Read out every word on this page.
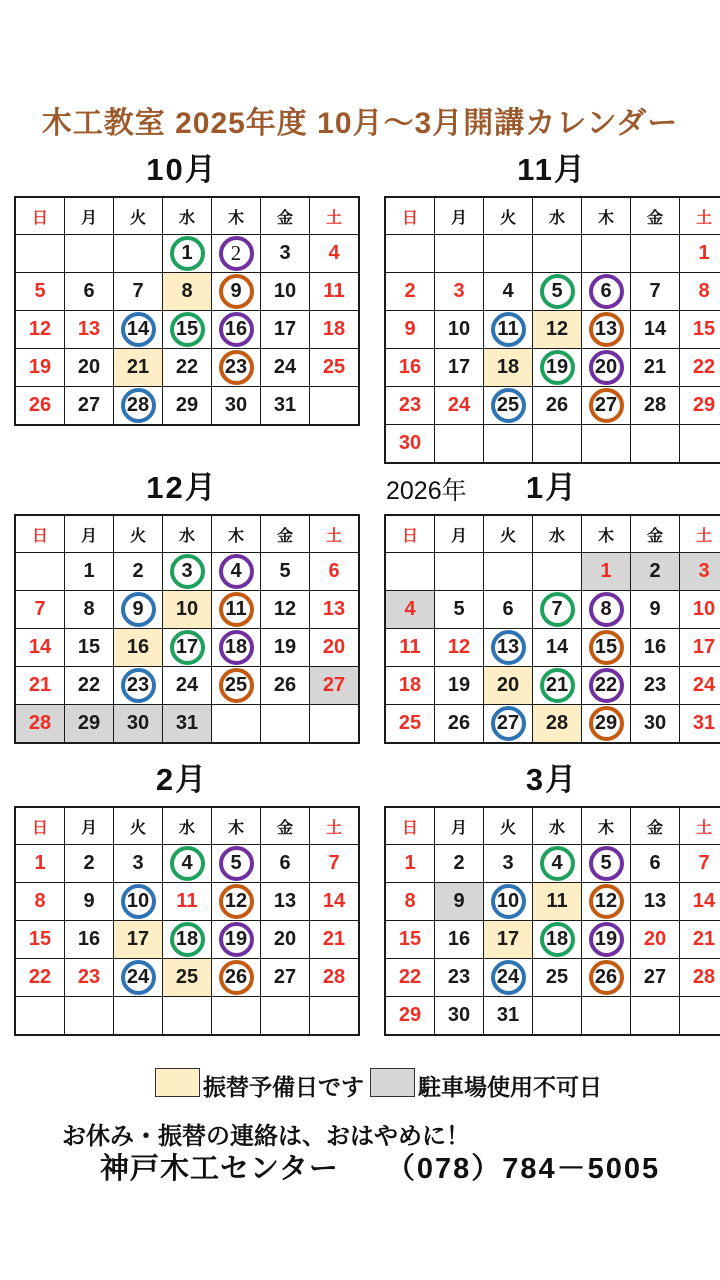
木工教室 2025年度 10月～3月開講カレンダー
10月
日	月	火	水	木	金	土

			1	2	3	4
5	6	7	8	9	10	11
12	13	14	15	16	17	18
19	20	21	22	23	24	25
26	27	28	29	30	31	
11月
日	月	火	水	木	金	土
						1
2	3	4	5	6	7	8
9	10	11	12	13	14	15
16	17	18	19	20	21	22
23	24	25	26	27	28	29
30						
12月
日	月	火	水	木	金	土
	1	2	3	4	5	6
7	8	9	10	11	12	13
14	15	16	17	18	19	20
21	22	23	24	25	26	27
28	29	30	31			
2026年 1月
日	月	火	水	木	金	土
				1	2	3
4	5	6	7	8	9	10
11	12	13	14	15	16	17
18	19	20	21	22	23	24
25	26	27	28	29	30	31
2月
日	月	火	水	木	金	土
1	2	3	4	5	6	7
8	9	10	11	12	13	14
15	16	17	18	19	20	21
22	23	24	25	26	27	28

3月
日	月	火	水	木	金	土
1	2	3	4	5	6	7
8	9	10	11	12	13	14
15	16	17	18	19	20	21
22	23	24	25	26	27	28
29	30	31				
振替予備日です 駐車場使用不可日
お休み・振替の連絡は、おはやめに！
神戸木工センター （078）784－5005
